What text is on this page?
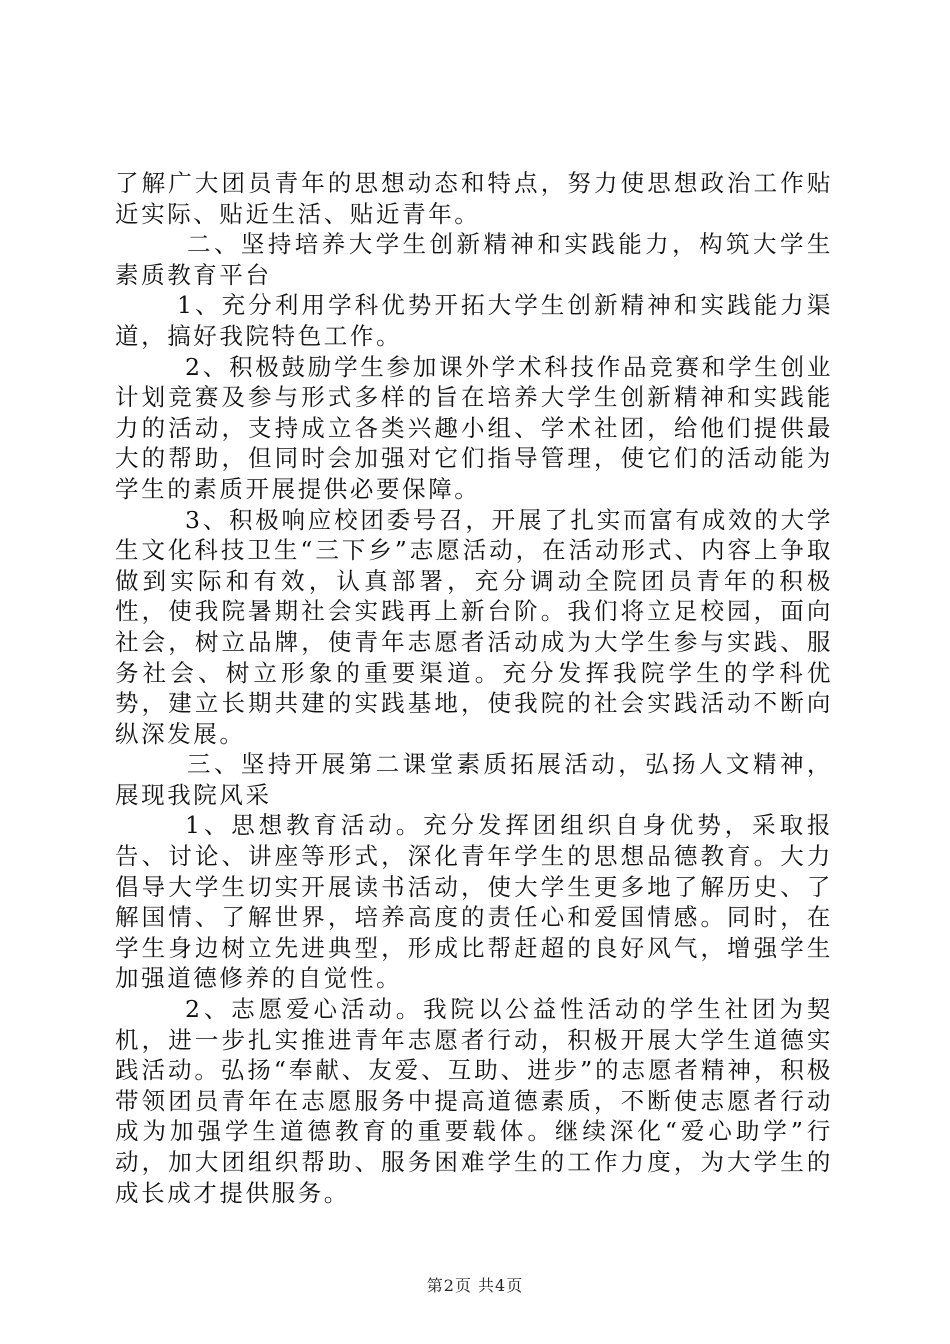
了解广大团员青年的思想动态和特点，努力使思想政治工作贴近实际、贴近生活、贴近青年。

二、坚持培养大学生创新精神和实践能力，构筑大学生素质教育平台

1、充分利用学科优势开拓大学生创新精神和实践能力渠道，搞好我院特色工作。

2、积极鼓励学生参加课外学术科技作品竞赛和学生创业计划竞赛及参与形式多样的旨在培养大学生创新精神和实践能力的活动，支持成立各类兴趣小组、学术社团，给他们提供最大的帮助，但同时会加强对它们指导管理，使它们的活动能为学生的素质开展提供必要保障。

3、积极响应校团委号召，开展了扎实而富有成效的大学生文化科技卫生“三下乡”志愿活动，在活动形式、内容上争取做到实际和有效，认真部署，充分调动全院团员青年的积极性，使我院暑期社会实践再上新台阶。我们将立足校园，面向社会，树立品牌，使青年志愿者活动成为大学生参与实践、服务社会、树立形象的重要渠道。充分发挥我院学生的学科优势，建立长期共建的实践基地，使我院的社会实践活动不断向纵深发展。

三、坚持开展第二课堂素质拓展活动，弘扬人文精神，展现我院风采

1、思想教育活动。充分发挥团组织自身优势，采取报告、讨论、讲座等形式，深化青年学生的思想品德教育。大力倡导大学生切实开展读书活动，使大学生更多地了解历史、了解国情、了解世界，培养高度的责任心和爱国情感。同时，在学生身边树立先进典型，形成比帮赶超的良好风气，增强学生加强道德修养的自觉性。

2、志愿爱心活动。我院以公益性活动的学生社团为契机，进一步扎实推进青年志愿者行动，积极开展大学生道德实践活动。弘扬“奉献、友爱、互助、进步”的志愿者精神，积极带领团员青年在志愿服务中提高道德素质，不断使志愿者行动成为加强学生道德教育的重要载体。继续深化“爱心助学”行动，加大团组织帮助、服务困难学生的工作力度，为大学生的成长成才提供服务。

第2页 共4页
